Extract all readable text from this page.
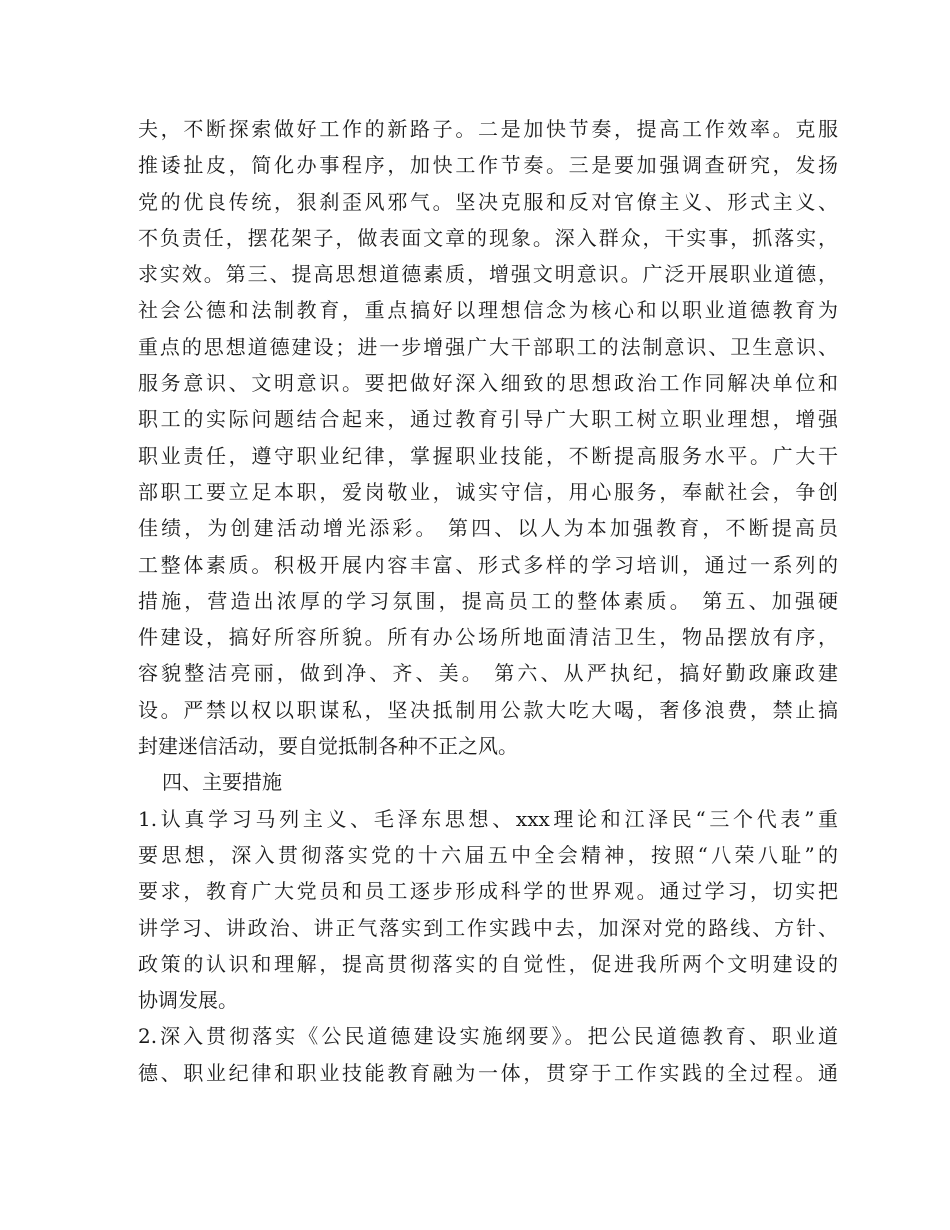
夫，不断探索做好工作的新路子。二是加快节奏，提高工作效率。克服
推诿扯皮，简化办事程序，加快工作节奏。三是要加强调查研究，发扬
党的优良传统，狠刹歪风邪气。坚决克服和反对官僚主义、形式主义、
不负责任，摆花架子，做表面文章的现象。深入群众，干实事，抓落实，
求实效。第三、提高思想道德素质，增强文明意识。广泛开展职业道德，
社会公德和法制教育，重点搞好以理想信念为核心和以职业道德教育为
重点的思想道德建设；进一步增强广大干部职工的法制意识、卫生意识、
服务意识、文明意识。要把做好深入细致的思想政治工作同解决单位和
职工的实际问题结合起来，通过教育引导广大职工树立职业理想，增强
职业责任，遵守职业纪律，掌握职业技能，不断提高服务水平。广大干
部职工要立足本职，爱岗敬业，诚实守信，用心服务，奉献社会，争创
佳绩，为创建活动增光添彩。 第四、以人为本加强教育，不断提高员
工整体素质。积极开展内容丰富、形式多样的学习培训，通过一系列的
措施，营造出浓厚的学习氛围，提高员工的整体素质。 第五、加强硬
件建设，搞好所容所貌。所有办公场所地面清洁卫生，物品摆放有序，
容貌整洁亮丽，做到净、齐、美。 第六、从严执纪，搞好勤政廉政建
设。严禁以权以职谋私，坚决抵制用公款大吃大喝，奢侈浪费，禁止搞
封建迷信活动，要自觉抵制各种不正之风。
四、主要措施
1.认真学习马列主义、毛泽东思想、xxx理论和江泽民“三个代表”重
要思想，深入贯彻落实党的十六届五中全会精神，按照“八荣八耻”的
要求，教育广大党员和员工逐步形成科学的世界观。通过学习，切实把
讲学习、讲政治、讲正气落实到工作实践中去，加深对党的路线、方针、
政策的认识和理解，提高贯彻落实的自觉性，促进我所两个文明建设的
协调发展。
2.深入贯彻落实《公民道德建设实施纲要》。把公民道德教育、职业道
德、职业纪律和职业技能教育融为一体，贯穿于工作实践的全过程。通
